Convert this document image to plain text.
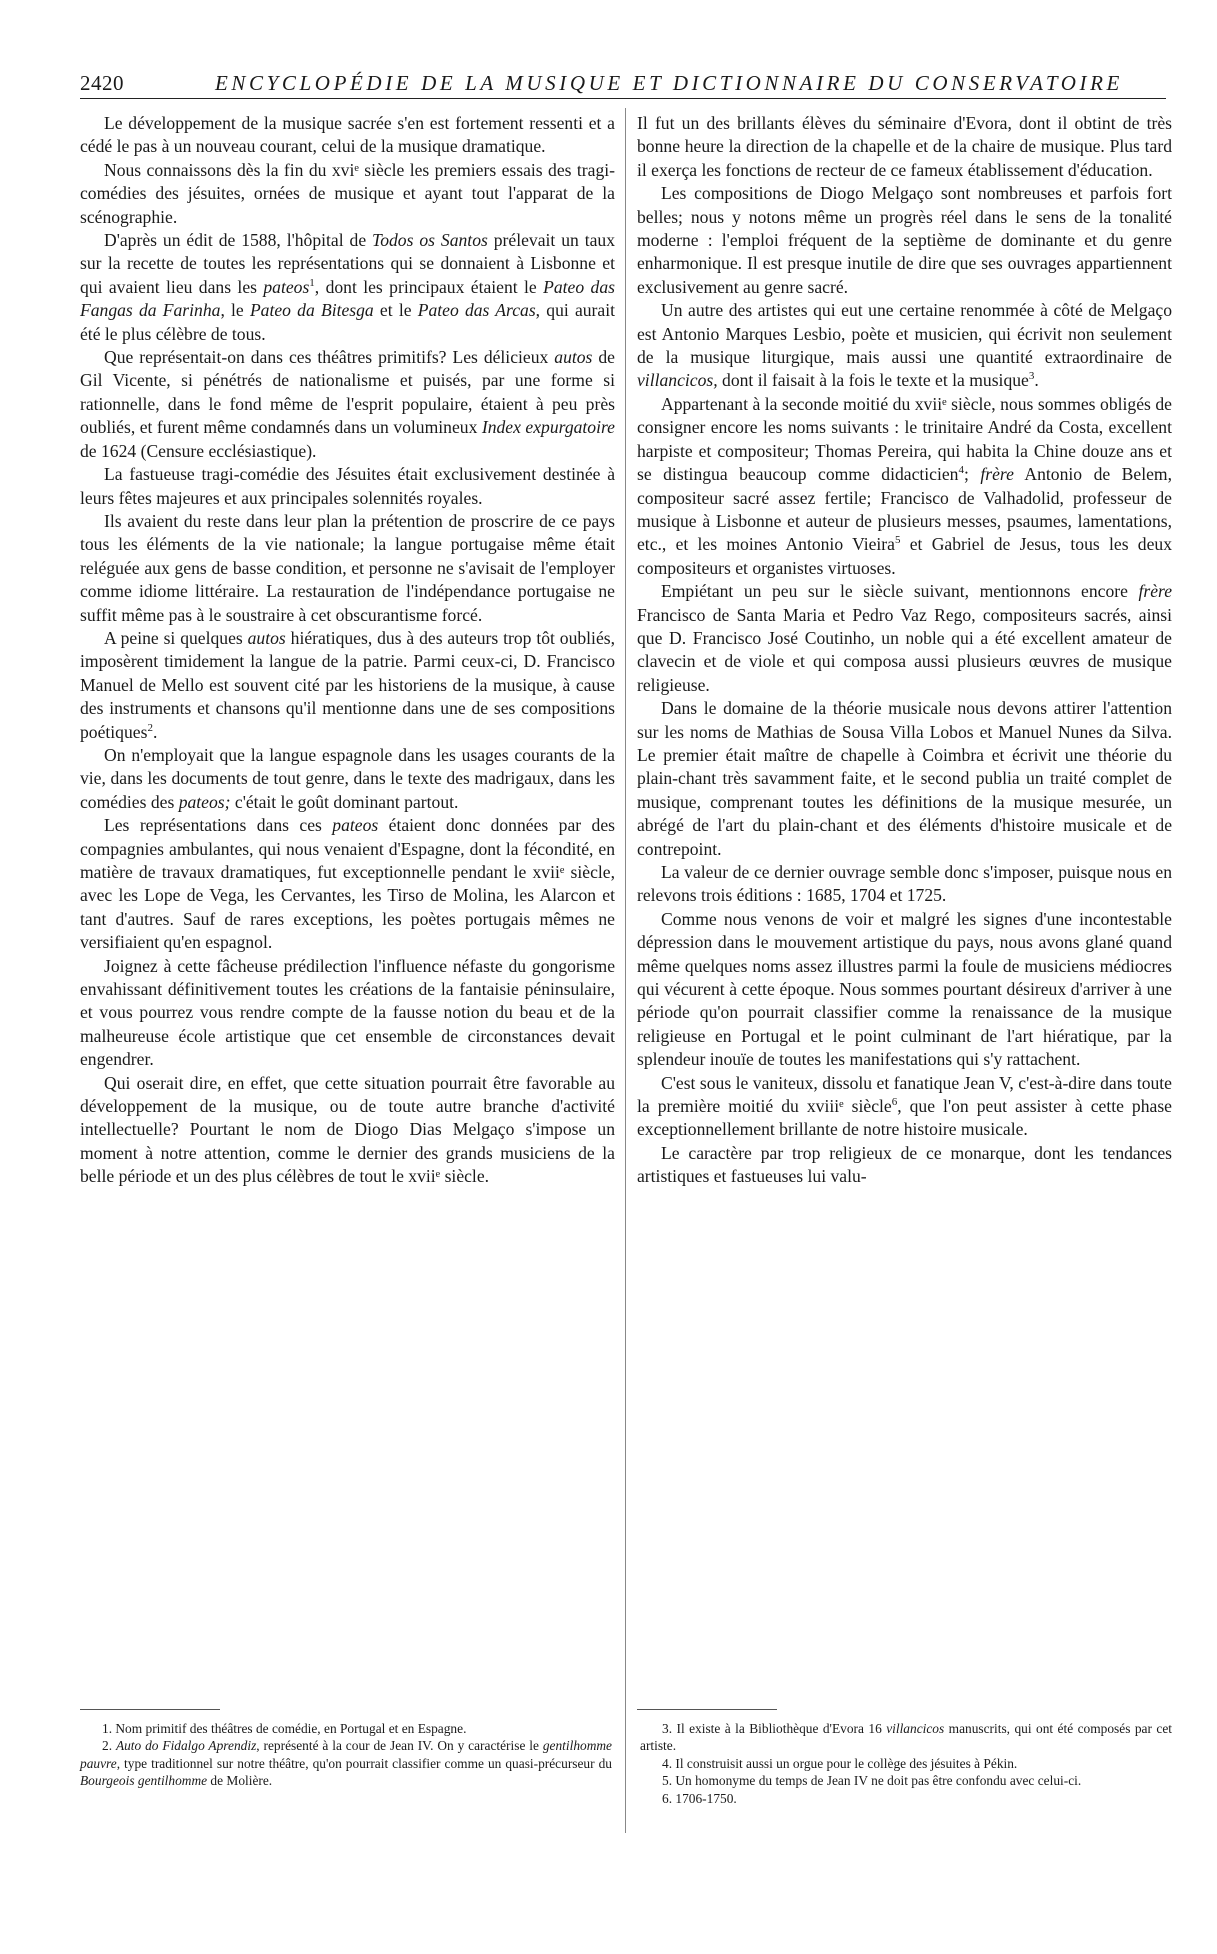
2420	ENCYCLOPÉDIE DE LA MUSIQUE ET DICTIONNAIRE DU CONSERVATOIRE

Le développement de la musique sacrée s'en est fortement ressenti et a cédé le pas à un nouveau courant, celui de la musique dramatique.

Nous connaissons dès la fin du xviᵉ siècle les premiers essais des tragi-comédies des jésuites, ornées de musique et ayant tout l'apparat de la scénographie.

D'après un édit de 1588, l'hôpital de Todos os Santos prélevait un taux sur la recette de toutes les représentations qui se donnaient à Lisbonne et qui avaient lieu dans les pateos$^1$, dont les principaux étaient le Pateo das Fangas da Farinha, le Pateo da Bitesga et le Pateo das Arcas, qui aurait été le plus célèbre de tous.

Que représentait-on dans ces théâtres primitifs? Les délicieux autos de Gil Vicente, si pénétrés de nationalisme et puisés, par une forme si rationnelle, dans le fond même de l'esprit populaire, étaient à peu près oubliés, et furent même condamnés dans un volumineux Index expurgatoire de 1624 (Censure ecclésiastique).

La fastueuse tragi-comédie des Jésuites était exclusivement destinée à leurs fêtes majeures et aux principales solennités royales.

Ils avaient du reste dans leur plan la prétention de proscrire de ce pays tous les éléments de la vie nationale; la langue portugaise même était reléguée aux gens de basse condition, et personne ne s'avisait de l'employer comme idiome littéraire. La restauration de l'indépendance portugaise ne suffit même pas à le soustraire à cet obscurantisme forcé.

A peine si quelques autos hiératiques, dus à des auteurs trop tôt oubliés, imposèrent timidement la langue de la patrie. Parmi ceux-ci, D. Francisco Manuel de Mello est souvent cité par les historiens de la musique, à cause des instruments et chansons qu'il mentionne dans une de ses compositions poétiques$^2$.

On n'employait que la langue espagnole dans les usages courants de la vie, dans les documents de tout genre, dans le texte des madrigaux, dans les comédies des pateos; c'était le goût dominant partout.

Les représentations dans ces pateos étaient donc données par des compagnies ambulantes, qui nous venaient d'Espagne, dont la fécondité, en matière de travaux dramatiques, fut exceptionnelle pendant le xviiᵉ siècle, avec les Lope de Vega, les Cervantes, les Tirso de Molina, les Alarcon et tant d'autres. Sauf de rares exceptions, les poètes portugais mêmes ne versifiaient qu'en espagnol.

Joignez à cette fâcheuse prédilection l'influence néfaste du gongorisme envahissant définitivement toutes les créations de la fantaisie péninsulaire, et vous pourrez vous rendre compte de la fausse notion du beau et de la malheureuse école artistique que cet ensemble de circonstances devait engendrer.

Qui oserait dire, en effet, que cette situation pourrait être favorable au développement de la musique, ou de toute autre branche d'activité intellectuelle? Pourtant le nom de Diogo Dias Melgaço s'impose un moment à notre attention, comme le dernier des grands musiciens de la belle période et un des plus célèbres de tout le xviiᵉ siècle.

Il fut un des brillants élèves du séminaire d'Evora, dont il obtint de très bonne heure la direction de la chapelle et de la chaire de musique. Plus tard il exerça les fonctions de recteur de ce fameux établissement d'éducation.

Les compositions de Diogo Melgaço sont nombreuses et parfois fort belles; nous y notons même un progrès réel dans le sens de la tonalité moderne : l'emploi fréquent de la septième de dominante et du genre enharmonique. Il est presque inutile de dire que ses ouvrages appartiennent exclusivement au genre sacré.

Un autre des artistes qui eut une certaine renommée à côté de Melgaço est Antonio Marques Lesbio, poète et musicien, qui écrivit non seulement de la musique liturgique, mais aussi une quantité extraordinaire de villancicos, dont il faisait à la fois le texte et la musique$^3$.

Appartenant à la seconde moitié du xviiᵉ siècle, nous sommes obligés de consigner encore les noms suivants : le trinitaire André da Costa, excellent harpiste et compositeur; Thomas Pereira, qui habita la Chine douze ans et se distingua beaucoup comme didacticien$^4$; frère Antonio de Belem, compositeur sacré assez fertile; Francisco de Valhadolid, professeur de musique à Lisbonne et auteur de plusieurs messes, psaumes, lamentations, etc., et les moines Antonio Vieira$^5$ et Gabriel de Jesus, tous les deux compositeurs et organistes virtuoses.

Empiétant un peu sur le siècle suivant, mentionnons encore frère Francisco de Santa Maria et Pedro Vaz Rego, compositeurs sacrés, ainsi que D. Francisco José Coutinho, un noble qui a été excellent amateur de clavecin et de viole et qui composa aussi plusieurs œuvres de musique religieuse.

Dans le domaine de la théorie musicale nous devons attirer l'attention sur les noms de Mathias de Sousa Villa Lobos et Manuel Nunes da Silva. Le premier était maître de chapelle à Coimbra et écrivit une théorie du plain-chant très savamment faite, et le second publia un traité complet de musique, comprenant toutes les définitions de la musique mesurée, un abrégé de l'art du plain-chant et des éléments d'histoire musicale et de contrepoint.

La valeur de ce dernier ouvrage semble donc s'imposer, puisque nous en relevons trois éditions : 1685, 1704 et 1725.

Comme nous venons de voir et malgré les signes d'une incontestable dépression dans le mouvement artistique du pays, nous avons glané quand même quelques noms assez illustres parmi la foule de musiciens médiocres qui vécurent à cette époque. Nous sommes pourtant désireux d'arriver à une période qu'on pourrait classifier comme la renaissance de la musique religieuse en Portugal et le point culminant de l'art hiératique, par la splendeur inouïe de toutes les manifestations qui s'y rattachent.

C'est sous le vaniteux, dissolu et fanatique Jean V, c'est-à-dire dans toute la première moitié du xviiiᵉ siècle$^6$, que l'on peut assister à cette phase exceptionnellement brillante de notre histoire musicale.

Le caractère par trop religieux de ce monarque, dont les tendances artistiques et fastueuses lui valu-

1. Nom primitif des théâtres de comédie, en Portugal et en Espagne.

2. Auto do Fidalgo Aprendiz, représenté à la cour de Jean IV. On y caractérise le gentilhomme pauvre, type traditionnel sur notre théâtre, qu'on pourrait classifier comme un quasi-précurseur du Bourgeois gentilhomme de Molière.

3. Il existe à la Bibliothèque d'Evora 16 villancicos manuscrits, qui ont été composés par cet artiste.

4. Il construisit aussi un orgue pour le collège des jésuites à Pékin.

5. Un homonyme du temps de Jean IV ne doit pas être confondu avec celui-ci.

6. 1706-1750.
